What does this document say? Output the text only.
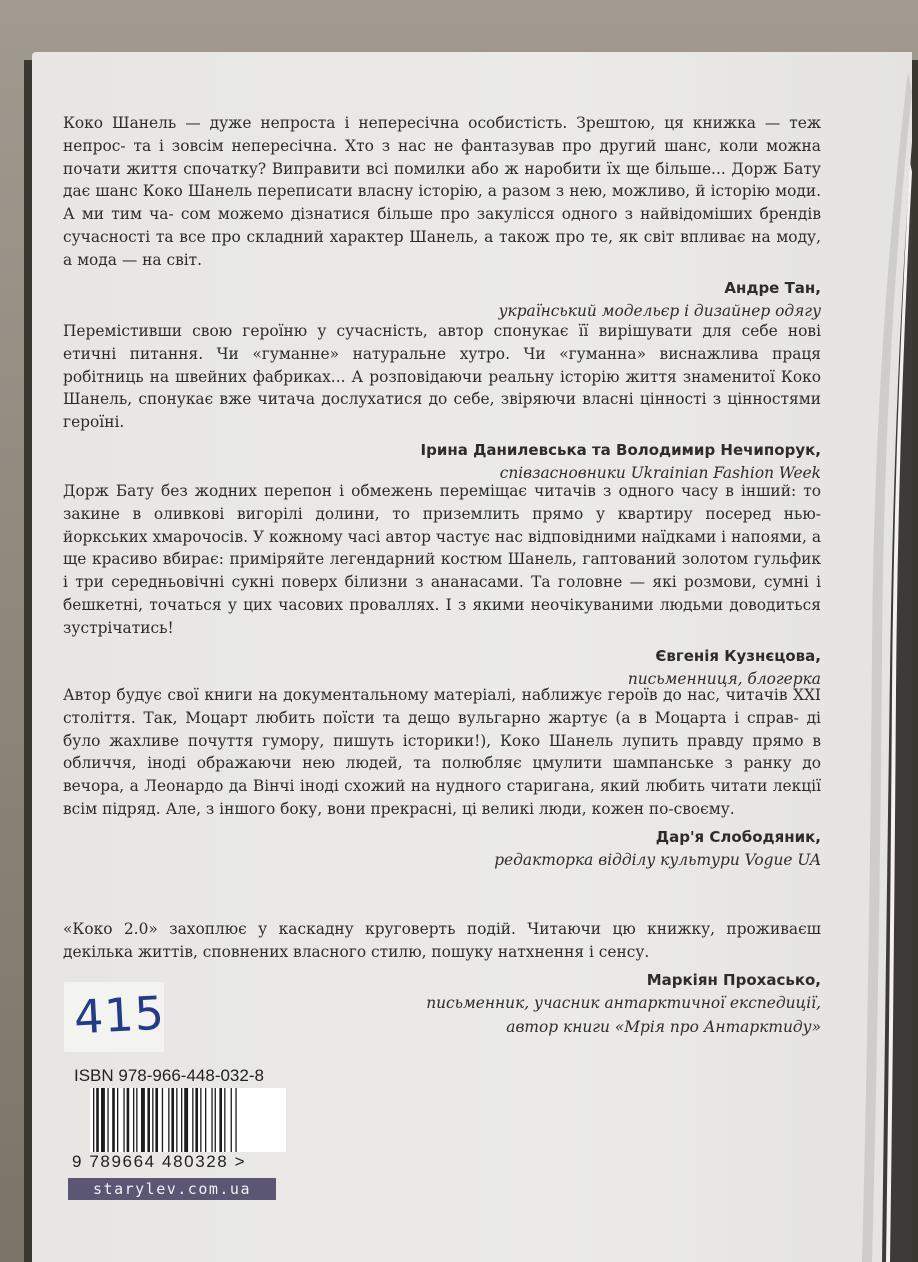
Коко Шанель — дуже непроста і непересічна особистість. Зрештою, ця книжка — теж непрос- та і зовсім непересічна. Хто з нас не фантазував про другий шанс, коли можна почати життя спочатку? Виправити всі помилки або ж наробити їх ще більше... Дорж Бату дає шанс Коко Шанель переписати власну історію, а разом з нею, можливо, й історію моди. А ми тим ча- сом можемо дізнатися більше про закулісся одного з найвідоміших брендів сучасності та все про складний характер Шанель, а також про те, як світ впливає на моду, а мода — на світ.

Андре Тан,

український модельєр і дизайнер одягу

Перемістивши свою героїню у сучасність, автор спонукає її вирішувати для себе нові етичні питання. Чи «гуманне» натуральне хутро. Чи «гуманна» виснажлива праця робітниць на швейних фабриках... А розповідаючи реальну історію життя знаменитої Коко Шанель, спонукає вже читача дослухатися до себе, звіряючи власні цінності з цінностями героїні.

Ірина Данилевська та Володимир Нечипорук,

співзасновники Ukrainian Fashion Week

Дорж Бату без жодних перепон і обмежень переміщає читачів з одного часу в інший: то закине в оливкові вигорілі долини, то приземлить прямо у квартиру посеред нью- йоркських хмарочосів. У кожному часі автор частує нас відповідними наїдками і напоями, а ще красиво вбирає: приміряйте легендарний костюм Шанель, гаптований золотом гульфик і три середньовічні сукні поверх білизни з ананасами. Та головне — які розмови, сумні і бешкетні, точаться у цих часових проваллях. І з якими неочікуваними людьми доводиться зустрічатись!

Євгенія Кузнєцова,

письменниця, блогерка

Автор будує свої книги на документальному матеріалі, наближує героїв до нас, читачів XXI століття. Так, Моцарт любить поїсти та дещо вульгарно жартує (а в Моцарта і справ- ді було жахливе почуття гумору, пишуть історики!), Коко Шанель лупить правду прямо в обличчя, іноді ображаючи нею людей, та полюбляє цмулити шампанське з ранку до вечора, а Леонардо да Вінчі іноді схожий на нудного старигана, який любить читати лекції всім підряд. Але, з іншого боку, вони прекрасні, ці великі люди, кожен по-своєму.

Дар'я Слободяник,

редакторка відділу культури Vogue UA

«Коко 2.0» захоплює у каскадну круговерть подій. Читаючи цю книжку, проживаєш декілька життів, сповнених власного стилю, пошуку натхнення і сенсу.

Маркіян Прохасько,

письменник, учасник антарктичної експедиції,

автор книги «Мрія про Антарктиду»

415
ISBN 978-966-448-032-8
9 789664 480328 >
starylev.com.ua
